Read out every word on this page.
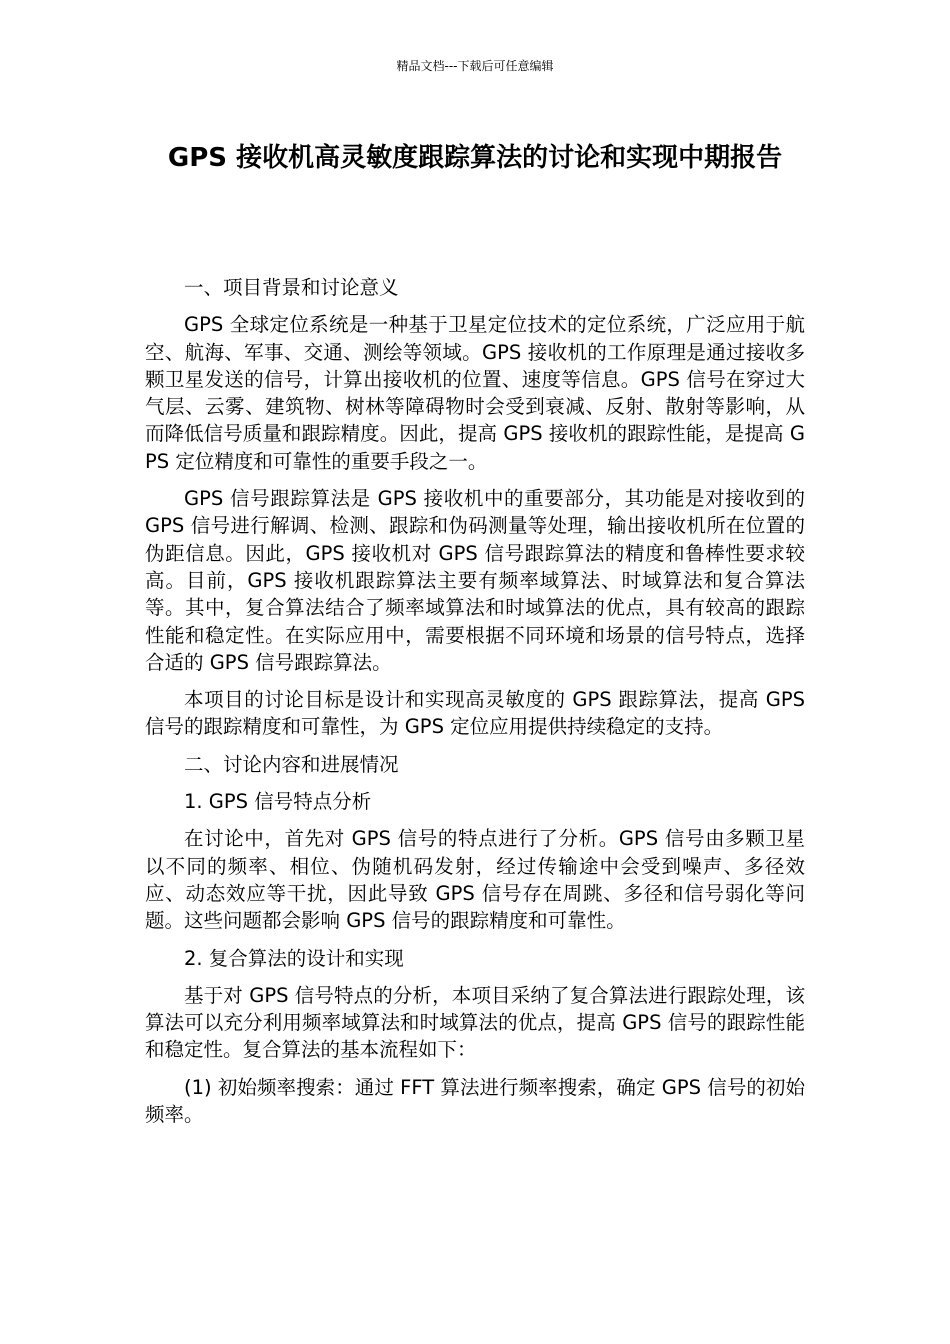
精品文档---下载后可任意编辑
GPS 接收机高灵敏度跟踪算法的讨论和实现中期报告

一、项目背景和讨论意义

GPS 全球定位系统是一种基于卫星定位技术的定位系统，广泛应用于航空、航海、军事、交通、测绘等领域。GPS 接收机的工作原理是通过接收多颗卫星发送的信号，计算出接收机的位置、速度等信息。GPS 信号在穿过大气层、云雾、建筑物、树林等障碍物时会受到衰减、反射、散射等影响，从而降低信号质量和跟踪精度。因此，提高 GPS 接收机的跟踪性能，是提高 GPS 定位精度和可靠性的重要手段之一。

GPS 信号跟踪算法是 GPS 接收机中的重要部分，其功能是对接收到的 GPS 信号进行解调、检测、跟踪和伪码测量等处理，输出接收机所在位置的伪距信息。因此，GPS 接收机对 GPS 信号跟踪算法的精度和鲁棒性要求较高。目前，GPS 接收机跟踪算法主要有频率域算法、时域算法和复合算法等。其中，复合算法结合了频率域算法和时域算法的优点，具有较高的跟踪性能和稳定性。在实际应用中，需要根据不同环境和场景的信号特点，选择合适的 GPS 信号跟踪算法。

本项目的讨论目标是设计和实现高灵敏度的 GPS 跟踪算法，提高 GPS 信号的跟踪精度和可靠性，为 GPS 定位应用提供持续稳定的支持。

二、讨论内容和进展情况

1. GPS 信号特点分析

在讨论中，首先对 GPS 信号的特点进行了分析。GPS 信号由多颗卫星以不同的频率、相位、伪随机码发射，经过传输途中会受到噪声、多径效应、动态效应等干扰，因此导致 GPS 信号存在周跳、多径和信号弱化等问题。这些问题都会影响 GPS 信号的跟踪精度和可靠性。

2. 复合算法的设计和实现

基于对 GPS 信号特点的分析，本项目采纳了复合算法进行跟踪处理，该算法可以充分利用频率域算法和时域算法的优点，提高 GPS 信号的跟踪性能和稳定性。复合算法的基本流程如下：

(1) 初始频率搜索：通过 FFT 算法进行频率搜索，确定 GPS 信号的初始频率。
